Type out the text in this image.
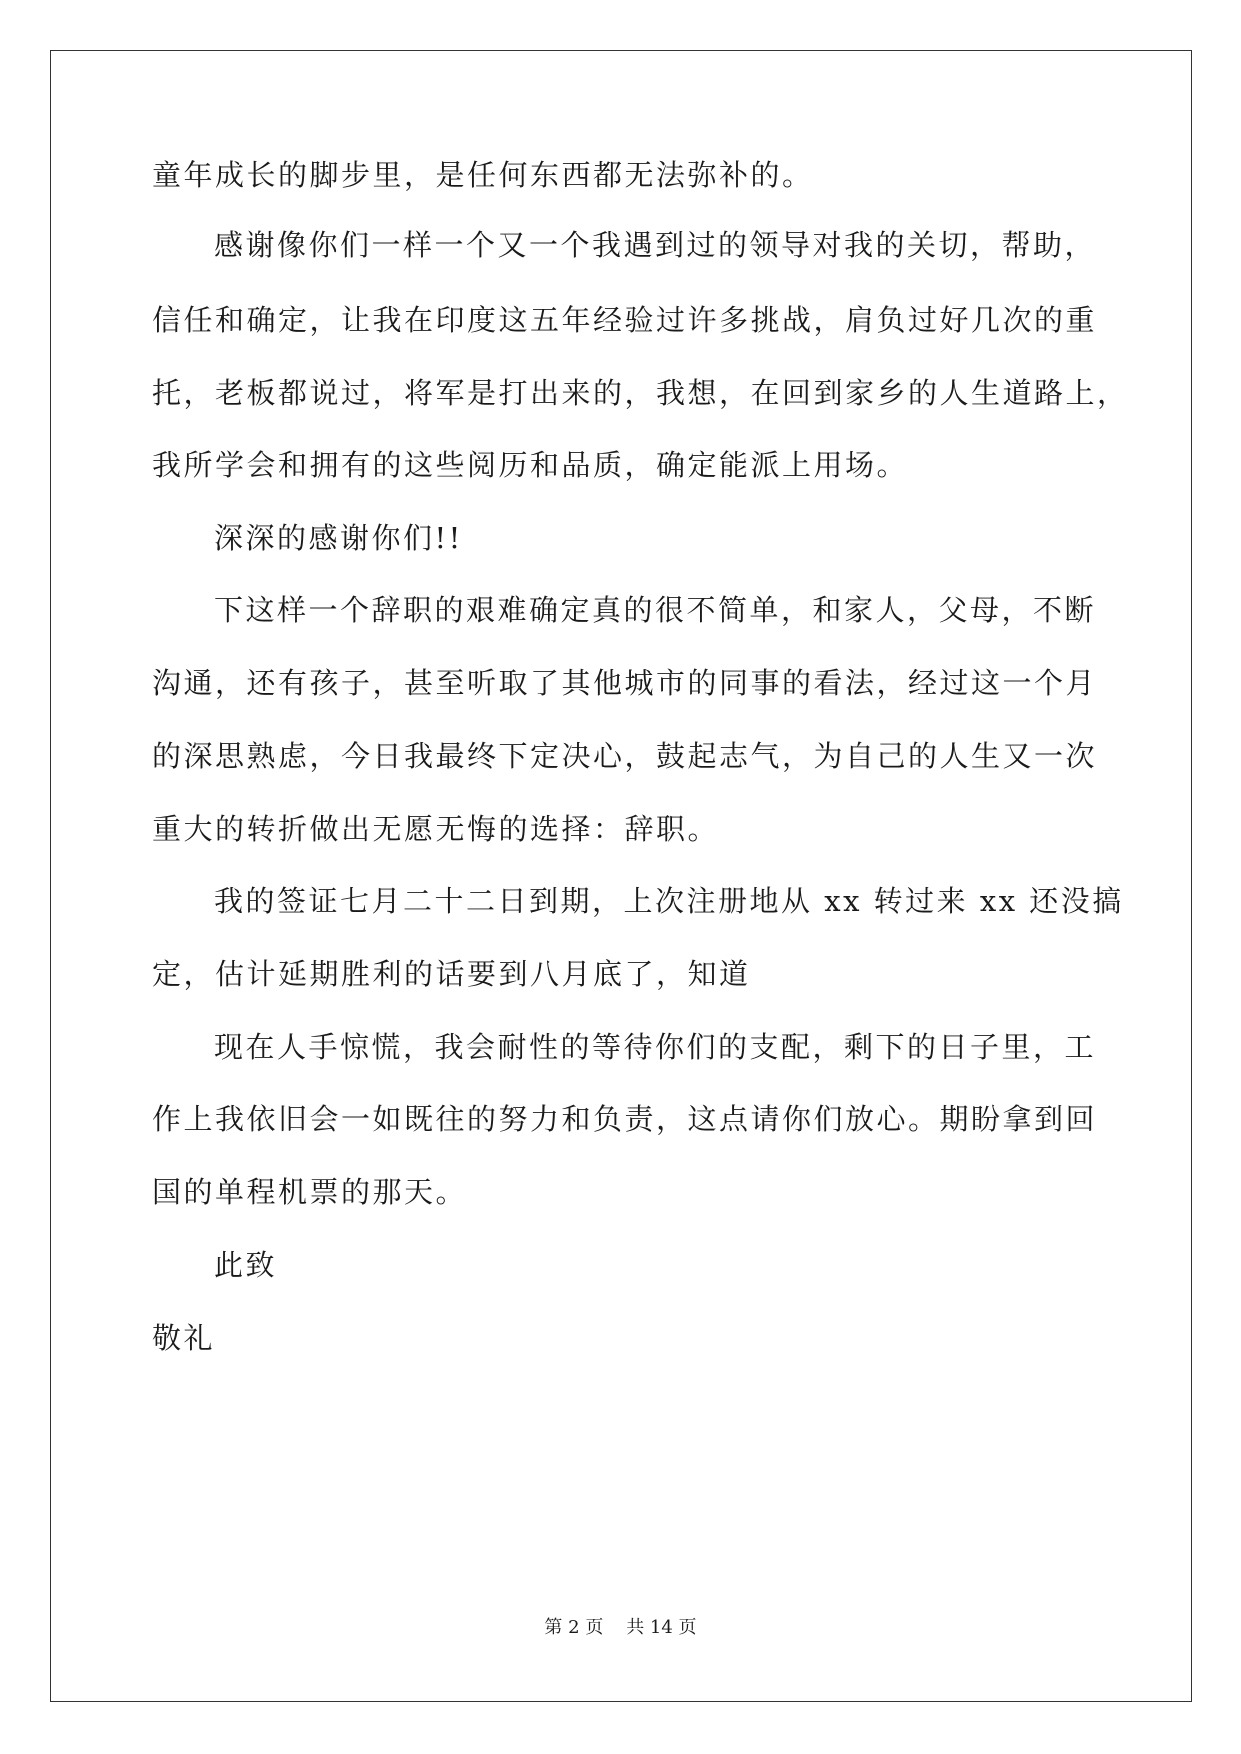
童年成长的脚步里，是任何东西都无法弥补的。
感谢像你们一样一个又一个我遇到过的领导对我的关切，帮助，
信任和确定，让我在印度这五年经验过许多挑战，肩负过好几次的重
托，老板都说过，将军是打出来的，我想，在回到家乡的人生道路上，
我所学会和拥有的这些阅历和品质，确定能派上用场。
深深的感谢你们!!
下这样一个辞职的艰难确定真的很不简单，和家人，父母，不断
沟通，还有孩子，甚至听取了其他城市的同事的看法，经过这一个月
的深思熟虑，今日我最终下定决心，鼓起志气，为自己的人生又一次
重大的转折做出无愿无悔的选择：辞职。
我的签证七月二十二日到期，上次注册地从 xx 转过来 xx 还没搞
定，估计延期胜利的话要到八月底了，知道
现在人手惊慌，我会耐性的等待你们的支配，剩下的日子里，工
作上我依旧会一如既往的努力和负责，这点请你们放心。期盼拿到回
国的单程机票的那天。
此致
敬礼
第 2 页    共 14 页
